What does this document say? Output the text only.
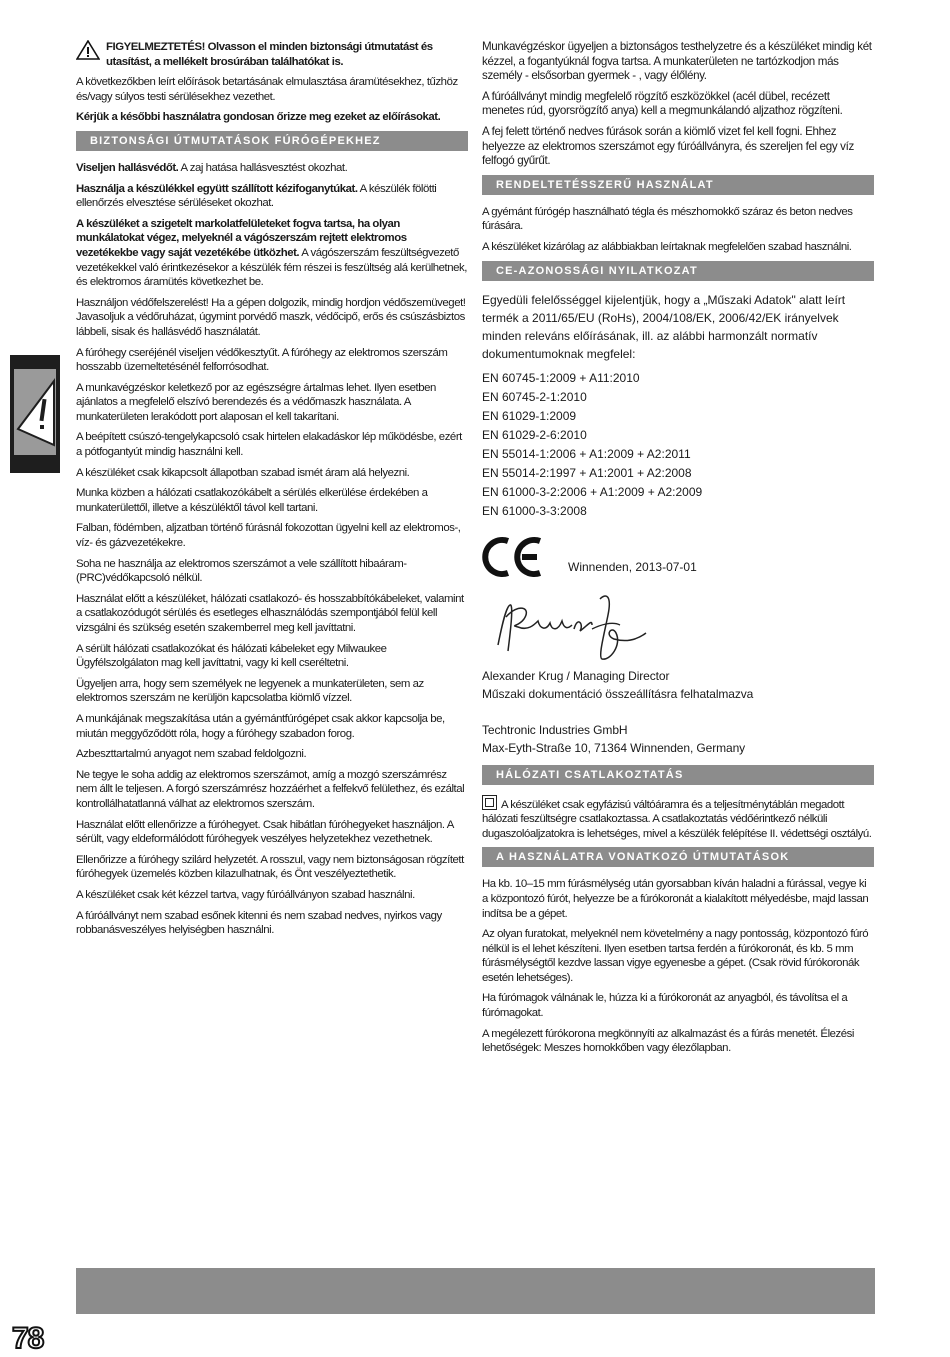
FIGYELMEZTETÉS! Olvasson el minden biztonsági útmutatást és utasítást, a mellékelt brosúrában találhatókat is.

A következőkben leírt előírások betartásának elmulasztása áramütésekhez, tűzhöz és/vagy súlyos testi sérülésekhez vezethet.

Kérjük a későbbi használatra gondosan őrizze meg ezeket az előírásokat.

BIZTONSÁGI ÚTMUTATÁSOK FÚRÓGÉPEKHEZ

Viseljen hallásvédőt. A zaj hatása hallásvesztést okozhat.

Használja a készülékkel együtt szállított kézifoganytúkat. A készülék fölötti ellenőrzés elvesztése sérüléseket okozhat.

A készüléket a szigetelt markolatfelületeket fogva tartsa, ha olyan munkálatokat végez, melyeknél a vágószerszám rejtett elektromos vezetékekbe vagy saját vezetékébe ütközhet. A vágószerszám feszültségvezető vezetékekkel való érintkezésekor a készülék fém részei is feszültség alá kerülhetnek, és elektromos áramütés következhet be.

Használjon védőfelszerelést! Ha a gépen dolgozik, mindig hordjon védőszemüveget! Javasoljuk a védőruházat, úgymint porvédő maszk, védőcipő, erős és csúszásbiztos lábbeli, sisak és hallásvédő használatát.

A fúróhegy cseréjénél viseljen védőkesztyűt. A fúróhegy az elektromos szerszám hosszabb üzemeltetésénél felforrósodhat.

A munkavégzéskor keletkező por az egészségre ártalmas lehet. Ilyen esetben ajánlatos a megfelelő elszívó berendezés és a védőmaszk használata. A munkaterületen lerakódott port alaposan el kell takarítani.

A beépített csúszó-tengelykapcsoló csak hirtelen elakadáskor lép működésbe, ezért a pótfogantyút mindig használni kell.

A készüléket csak kikapcsolt állapotban szabad ismét áram alá helyezni.

Munka közben a hálózati csatlakozókábelt a sérülés elkerülése érdekében a munkaterülettől, illetve a készüléktől távol kell tartani.

Falban, födémben, aljzatban történő fúrásnál fokozottan ügyelni kell az elektromos-, víz- és gázvezetékekre.

Soha ne használja az elektromos szerszámot a vele szállított hibaáram-(PRC)védőkapcsoló nélkül.

Használat előtt a készüléket, hálózati csatlakozó- és hosszabbítókábeleket, valamint a csatlakozódugót sérülés és esetleges elhasználódás szempontjából felül kell vizsgálni és szükség esetén szakemberrel meg kell javíttatni.

A sérült hálózati csatlakozókat és hálózati kábeleket egy Milwaukee Ügyfélszolgálaton mag kell javíttatni, vagy ki kell cseréltetni.

Ügyeljen arra, hogy sem személyek ne legyenek a munkaterületen, sem az elektromos szerszám ne kerüljön kapcsolatba kiömlő vízzel.

A munkájának megszakítása után a gyémántfúrógépet csak akkor kapcsolja be, miután meggyőződött róla, hogy a fúróhegy szabadon forog.

Azbeszttartalmú anyagot nem szabad feldolgozni.

Ne tegye le soha addig az elektromos szerszámot, amíg a mozgó szerszámrész nem állt le teljesen. A forgó szerszámrész hozzáérhet a felfekvő felülethez, és ezáltal kontrollálhatatlanná válhat az elektromos szerszám.

Használat előtt ellenőrizze a fúróhegyet. Csak hibátlan fúróhegyeket használjon. A sérült, vagy eldeformálódott fúróhegyek veszélyes helyzetekhez vezethetnek.

Ellenőrizze a fúróhegy szilárd helyzetét. A rosszul, vagy nem biztonságosan rögzített fúróhegyek üzemelés közben kilazulhatnak, és Önt veszélyeztethetik.

A készüléket csak két kézzel tartva, vagy fúróállványon szabad használni.

A fúróállványt nem szabad esőnek kitenni és nem szabad nedves, nyirkos vagy robbanásveszélyes helyiségben használni.

Munkavégzéskor ügyeljen a biztonságos testhelyzetre és a készüléket mindig két kézzel, a fogantyúknál fogva tartsa. A munkaterületen ne tartózkodjon más személy - elsősorban gyermek - , vagy élőlény.

A fúróállványt mindig megfelelő rögzítő eszközökkel (acél dübel, recézett menetes rúd, gyorsrögzítő anya) kell a megmunkálandó aljzathoz rögzíteni.

A fej felett történő nedves fúrások során a kiömlő vizet fel kell fogni. Ehhez helyezze az elektromos szerszámot egy fúróállványra, és szereljen fel egy víz felfogó gyűrűt.

RENDELTETÉSSZERŰ HASZNÁLAT

A gyémánt fúrógép használható tégla és mészhomokkő száraz és beton nedves fúrására.

A készüléket kizárólag az alábbiakban leírtaknak megfelelően szabad használni.

CE-AZONOSSÁGI NYILATKOZAT

Egyedüli felelősséggel kijelentjük, hogy a „Műszaki Adatok" alatt leírt termék a 2011/65/EU (RoHs), 2004/108/EK, 2006/42/EK irányelvek minden releváns előírásának, ill. az alábbi harmonzált normatív dokumentumoknak megfelel:

EN 60745-1:2009 + A11:2010

EN 60745-2-1:2010

EN 61029-1:2009

EN 61029-2-6:2010

EN 55014-1:2006 + A1:2009 + A2:2011

EN 55014-2:1997 + A1:2001 + A2:2008

EN 61000-3-2:2006 + A1:2009 + A2:2009

EN 61000-3-3:2008

Winnenden, 2013-07-01

Alexander Krug / Managing Director

Műszaki dokumentáció összeállításra felhatalmazva

Techtronic Industries GmbH

Max-Eyth-Straße 10, 71364 Winnenden, Germany

HÁLÓZATI CSATLAKOZTATÁS

A készüléket csak egyfázisú váltóáramra és a teljesítménytáblán megadott hálózati feszültségre csatlakoztassa. A csatlakoztatás védőérintkező nélküli dugaszolóaljzatokra is lehetséges, mivel a készülék felépítése II. védettségi osztályú.

A HASZNÁLATRA VONATKOZÓ ÚTMUTATÁSOK

Ha kb. 10–15 mm fúrásmélység után gyorsabban kíván haladni a fúrással, vegye ki a központozó fúrót, helyezze be a fúrókoronát a kialakított mélyedésbe, majd lassan indítsa be a gépet.

Az olyan furatokat, melyeknél nem követelmény a nagy pontosság, központozó fúró nélkül is el lehet készíteni. Ilyen esetben tartsa ferdén a fúrókoronát, és kb. 5 mm fúrásmélységtől kezdve lassan vigye egyenesbe a gépet. (Csak rövid fúrókoronák esetén lehetséges).

Ha fúrómagok válnának le, húzza ki a fúrókoronát az anyagból, és távolítsa el a fúrómagokat.

A megélezett fúrókorona megkönnyíti az alkalmazást és a fúrás menetét. Élezési lehetőségek: Meszes homokkőben vagy élezőlapban.

78
